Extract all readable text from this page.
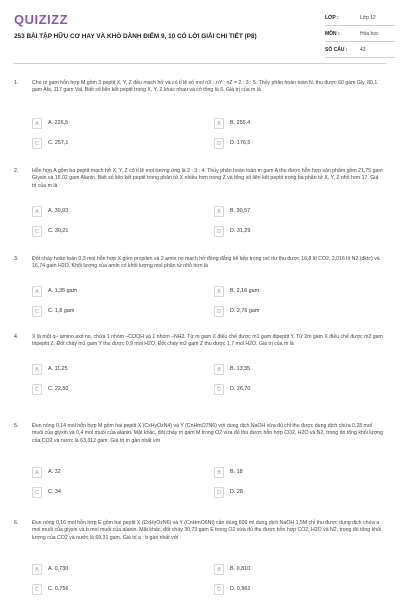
QUIZIZZ
253 BÀI TẬP HỮU CƠ HAY VÀ KHÓ DÀNH ĐIỂM 9, 10 CÓ LỜI GIẢI CHI TIẾT (P8)
LỚP :	Lớp 12
MÔN :	Hóa học
SỐ CÂU :	43
1.	Cho m gam hỗn hợp M gồm 3 peptit X, Y, Z đều mạch hở và có tỉ lệ số mol nX : nY : nZ = 2 : 3 : 5. Thủy phân hoàn toàn N, thu được 60 gam Gly, 80,1 gam Ala, 117 gam Val. Biết số liên kết peptit trong X, Y, Z khác nhau và có tổng là 6. Giá trị của m là
A	A. 226,5	B	B. 255,4
C	C. 257,1	D	D. 176,5
2.	Hỗn hợp A gồm ba peptit mạch hở X, Y, Z có tỉ lệ mol tương ứng là 2 : 3 : 4. Thủy phân hoàn toàn m gam A thu được hỗn hợp sản phẩm gồm 21,75 gam Glyxin và 16,02 gam Alanin. Biết số liên kết peptit trong phân tử X nhiều hơn trong Z và tổng số liên kết peptit trong ba phân tử X, Y, Z nhỏ hơn 17. Giá trị của m là
A	A. 30,93	B	B. 30,57
C	C. 30,21	D	D. 31,29
3.	Đốt cháy hoàn toàn 0,3 mol hỗn hợp X gồm propilen và 2 amin no mạch hở đồng đẳng kế tiếp trong oxi dư thu được 16,8 lít CO2, 2,016 lít N2 (đktc) và 16,74 gam H2O. Khối lượng của amin có khối lượng mol phân tử nhỏ hơn là
A	A. 1,35 gam	B	B. 2,16 gam
C	C. 1,8 gam	D	D. 2,76 gam
4.	X là một α– amino axit no, chứa 1 nhóm –COOH và 1 nhóm –NH2. Từ m gam X điều chế được m1 gam đipeptit Y. Từ 2m gam X điều chế được m2 gam tripeptit Z. Đốt cháy m1 gam Y thu được 0,9 mol H2O. Đốt cháy m2 gam Z thu được 1,7 mol H2O. Giá trị của m là
A	A. 11,25	B	B. 13,35
C	C. 22,50	D	D. 26,70
5.	Đun nóng 0,14 mol hỗn hợp M gồm hai peptit X (CxHyOzN4) và Y (CnHmO7N6) với dung dịch NaOH vừa đủ chỉ thu được dung dịch chứa 0,28 mol muối của glyxin và 0,4 mol muối của alanin. Mặt khác, đốt cháy m gam M trong O2 vừa đủ thu được hỗn hợp CO2, H2O và N2, trong đó tổng khối lượng của CO2 và nước là 63,312 gam. Giá trị m gần nhất với
A	A. 32	B	B. 18
C	C. 34	D	D. 28
6.	Đun nóng 0,16 mol hỗn hợp E gồm hai peptit X (CxHyOzN6) và Y (CnHmO6Nt) cần dùng 600 ml dung dịch NaOH 1,5M chỉ thu được dung dịch chứa a mol muối của glyxin và b mol muối của alanin. Mặt khác, đốt cháy 30,73 gam E trong O2 vừa đủ thu được hỗn hợp CO2, H2O và N2, trong đó tổng khối lượng của CO2 và nước là 69,31 gam. Giá trị a : b gần nhất với
A	A. 0,730	B	B. 0,810
C	C. 0,756	D	D. 0,962
